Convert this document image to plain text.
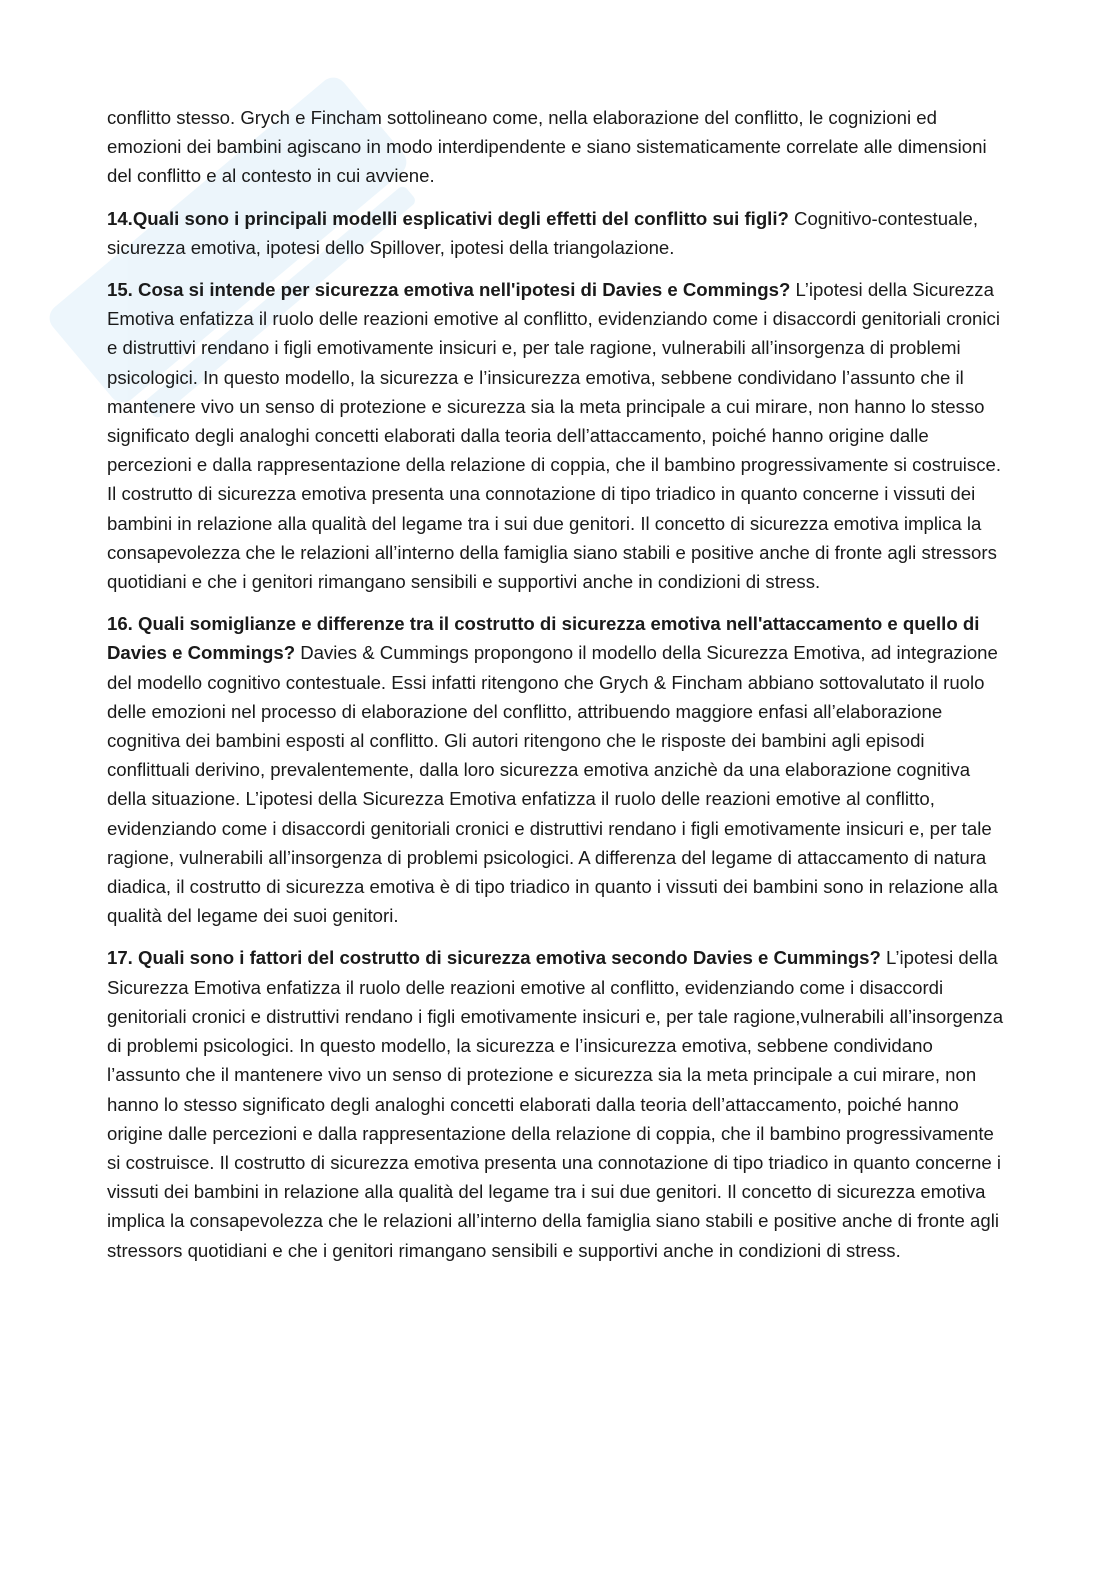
conflitto stesso. Grych e Fincham sottolineano come, nella elaborazione del conflitto, le cognizioni ed emozioni dei bambini agiscano in modo interdipendente e siano sistematicamente correlate alle dimensioni del conflitto e al contesto in cui avviene.

14.Quali sono i principali modelli esplicativi degli effetti del conflitto sui figli? Cognitivo-contestuale, sicurezza emotiva, ipotesi dello Spillover, ipotesi della triangolazione.

15. Cosa si intende per sicurezza emotiva nell'ipotesi di Davies e Commings? L’ipotesi della Sicurezza Emotiva enfatizza il ruolo delle reazioni emotive al conflitto, evidenziando come i disaccordi genitoriali cronici e distruttivi rendano i figli emotivamente insicuri e, per tale ragione, vulnerabili all’insorgenza di problemi psicologici. In questo modello, la sicurezza e l’insicurezza emotiva, sebbene condividano l’assunto che il mantenere vivo un senso di protezione e sicurezza sia la meta principale a cui mirare, non hanno lo stesso significato degli analoghi concetti elaborati dalla teoria dell’attaccamento, poiché hanno origine dalle percezioni e dalla rappresentazione della relazione di coppia, che il bambino progressivamente si costruisce. Il costrutto di sicurezza emotiva presenta una connotazione di tipo triadico in quanto concerne i vissuti dei bambini in relazione alla qualità del legame tra i sui due genitori. Il concetto di sicurezza emotiva implica la consapevolezza che le relazioni all’interno della famiglia siano stabili e positive anche di fronte agli stressors quotidiani e che i genitori rimangano sensibili e supportivi anche in condizioni di stress.

16. Quali somiglianze e differenze tra il costrutto di sicurezza emotiva nell'attaccamento e quello di Davies e Commings? Davies & Cummings propongono il modello della Sicurezza Emotiva, ad integrazione del modello cognitivo contestuale. Essi infatti ritengono che Grych & Fincham abbiano sottovalutato il ruolo delle emozioni nel processo di elaborazione del conflitto, attribuendo maggiore enfasi all’elaborazione cognitiva dei bambini esposti al conflitto. Gli autori ritengono che le risposte dei bambini agli episodi conflittuali derivino, prevalentemente, dalla loro sicurezza emotiva anzichè da una elaborazione cognitiva della situazione. L’ipotesi della Sicurezza Emotiva enfatizza il ruolo delle reazioni emotive al conflitto, evidenziando come i disaccordi genitoriali cronici e distruttivi rendano i figli emotivamente insicuri e, per tale ragione, vulnerabili all’insorgenza di problemi psicologici. A differenza del legame di attaccamento di natura diadica, il costrutto di sicurezza emotiva è di tipo triadico in quanto i vissuti dei bambini sono in relazione alla qualità del legame dei suoi genitori.

17. Quali sono i fattori del costrutto di sicurezza emotiva secondo Davies e Cummings? L’ipotesi della Sicurezza Emotiva enfatizza il ruolo delle reazioni emotive al conflitto, evidenziando come i disaccordi genitoriali cronici e distruttivi rendano i figli emotivamente insicuri e, per tale ragione,vulnerabili all’insorgenza di problemi psicologici. In questo modello, la sicurezza e l’insicurezza emotiva, sebbene condividano l’assunto che il mantenere vivo un senso di protezione e sicurezza sia la meta principale a cui mirare, non hanno lo stesso significato degli analoghi concetti elaborati dalla teoria dell’attaccamento, poiché hanno origine dalle percezioni e dalla rappresentazione della relazione di coppia, che il bambino progressivamente si costruisce. Il costrutto di sicurezza emotiva presenta una connotazione di tipo triadico in quanto concerne i vissuti dei bambini in relazione alla qualità del legame tra i sui due genitori. Il concetto di sicurezza emotiva implica la consapevolezza che le relazioni all’interno della famiglia siano stabili e positive anche di fronte agli stressors quotidiani e che i genitori rimangano sensibili e supportivi anche in condizioni di stress.
